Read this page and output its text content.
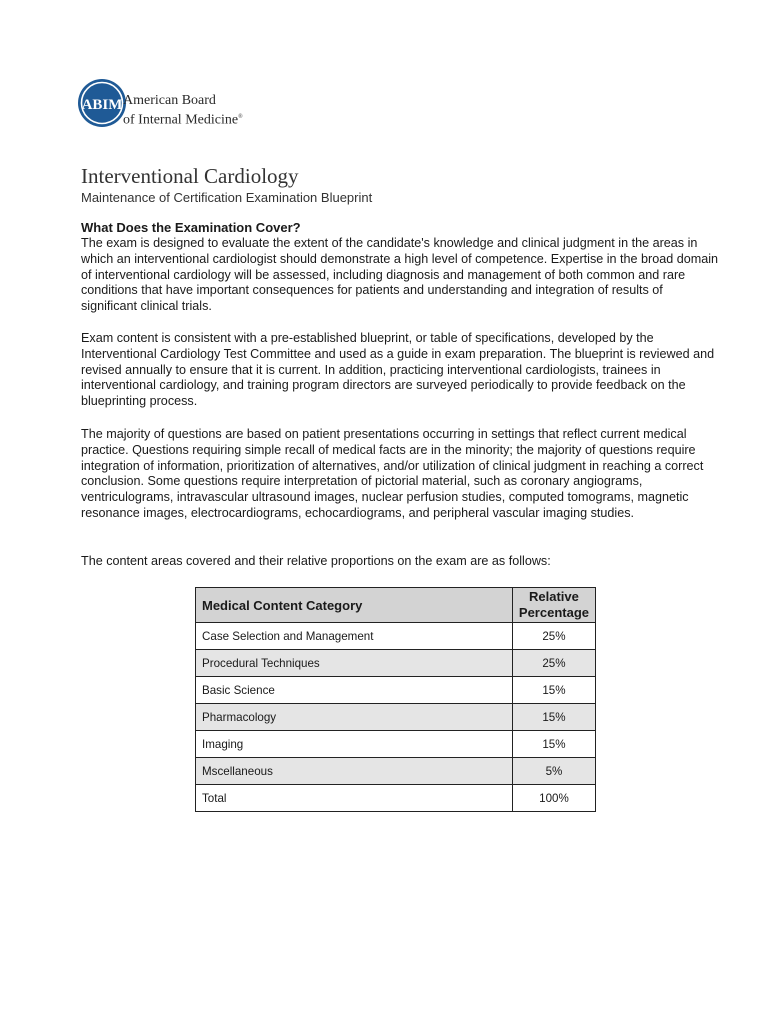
ABIM American Board
of Internal Medicine®
Interventional Cardiology
Maintenance of Certification Examination Blueprint
What Does the Examination Cover?

The exam is designed to evaluate the extent of the candidate's knowledge and clinical judgment in the areas in which an interventional cardiologist should demonstrate a high level of competence. Expertise in the broad domain of interventional cardiology will be assessed, including diagnosis and management of both common and rare conditions that have important consequences for patients and understanding and integration of results of significant clinical trials.

Exam content is consistent with a pre-established blueprint, or table of specifications, developed by the Interventional Cardiology Test Committee and used as a guide in exam preparation. The blueprint is reviewed and revised annually to ensure that it is current. In addition, practicing interventional cardiologists, trainees in interventional cardiology, and training program directors are surveyed periodically to provide feedback on the blueprinting process.

The majority of questions are based on patient presentations occurring in settings that reflect current medical practice. Questions requiring simple recall of medical facts are in the minority; the majority of questions require integration of information, prioritization of alternatives, and/or utilization of clinical judgment in reaching a correct conclusion. Some questions require interpretation of pictorial material, such as coronary angiograms, ventriculograms, intravascular ultrasound images, nuclear perfusion studies, computed tomograms, magnetic resonance images, electrocardiograms, echocardiograms, and peripheral vascular imaging studies.

The content areas covered and their relative proportions on the exam are as follows:

Medical Content Category	Relative Percentage
Case Selection and Management	25%
Procedural Techniques	25%
Basic Science	15%
Pharmacology	15%
Imaging	15%
Mscellaneous	5%
Total	100%
